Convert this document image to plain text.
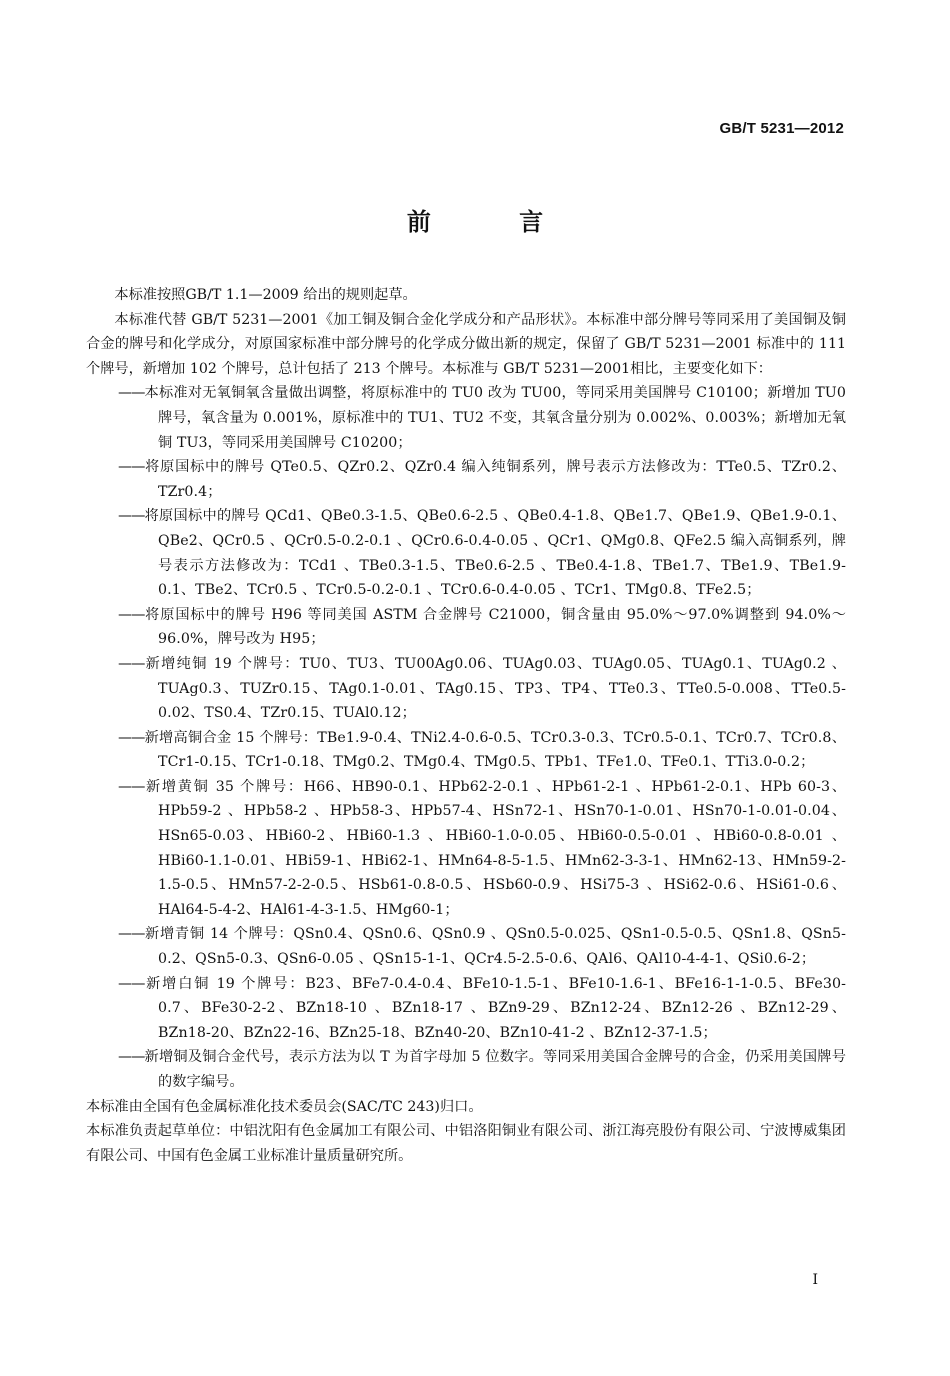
GB/T 5231—2012
前 言

本标准按照GB/T 1.1—2009 给出的规则起草。

本标准代替 GB/T 5231—2001《加工铜及铜合金化学成分和产品形状》。本标准中部分牌号等同采用了美国铜及铜合金的牌号和化学成分，对原国家标准中部分牌号的化学成分做出新的规定，保留了 GB/T 5231—2001 标准中的 111 个牌号，新增加 102 个牌号，总计包括了 213 个牌号。本标准与 GB/T 5231—2001相比，主要变化如下：

——本标准对无氧铜氧含量做出调整，将原标准中的 TU0 改为 TU00，等同采用美国牌号 C10100；新增加 TU0 牌号，氧含量为 0.001%，原标准中的 TU1、TU2 不变，其氧含量分别为 0.002%、0.003%；新增加无氧铜 TU3，等同采用美国牌号 C10200；

——将原国标中的牌号 QTe0.5、QZr0.2、QZr0.4 编入纯铜系列，牌号表示方法修改为：TTe0.5、TZr0.2、TZr0.4；

——将原国标中的牌号 QCd1、QBe0.3-1.5、QBe0.6-2.5 、QBe0.4-1.8、QBe1.7、QBe1.9、QBe1.9-0.1、QBe2、QCr0.5 、QCr0.5-0.2-0.1 、QCr0.6-0.4-0.05 、QCr1、QMg0.8、QFe2.5 编入高铜系列，牌号表示方法修改为：TCd1 、TBe0.3-1.5、TBe0.6-2.5 、TBe0.4-1.8、TBe1.7、TBe1.9、TBe1.9-0.1、TBe2、TCr0.5 、TCr0.5-0.2-0.1 、TCr0.6-0.4-0.05 、TCr1、TMg0.8、TFe2.5；

——将原国标中的牌号 H96 等同美国 ASTM 合金牌号 C21000，铜含量由 95.0%～97.0%调整到 94.0%～96.0%，牌号改为 H95；

——新增纯铜 19 个牌号：TU0、TU3、TU00Ag0.06、TUAg0.03、TUAg0.05、TUAg0.1、TUAg0.2 、TUAg0.3、TUZr0.15、TAg0.1-0.01、TAg0.15、TP3、TP4、TTe0.3、TTe0.5-0.008、TTe0.5-0.02、TS0.4、TZr0.15、TUAl0.12；

——新增高铜合金 15 个牌号：TBe1.9-0.4、TNi2.4-0.6-0.5、TCr0.3-0.3、TCr0.5-0.1、TCr0.7、TCr0.8、TCr1-0.15、TCr1-0.18、TMg0.2、TMg0.4、TMg0.5、TPb1、TFe1.0、TFe0.1、TTi3.0-0.2；

——新增黄铜 35 个牌号：H66、HB90-0.1、HPb62-2-0.1 、HPb61-2-1 、HPb61-2-0.1、HPb 60-3、HPb59-2 、HPb58-2 、HPb58-3、HPb57-4、HSn72-1、HSn70-1-0.01、HSn70-1-0.01-0.04、HSn65-0.03、HBi60-2、HBi60-1.3 、HBi60-1.0-0.05、HBi60-0.5-0.01 、HBi60-0.8-0.01 、HBi60-1.1-0.01、HBi59-1、HBi62-1、HMn64-8-5-1.5、HMn62-3-3-1、HMn62-13、HMn59-2-1.5-0.5、HMn57-2-2-0.5、HSb61-0.8-0.5、HSb60-0.9、HSi75-3 、HSi62-0.6、HSi61-0.6、HAl64-5-4-2、HAl61-4-3-1.5、HMg60-1；

——新增青铜 14 个牌号：QSn0.4、QSn0.6、QSn0.9 、QSn0.5-0.025、QSn1-0.5-0.5、QSn1.8、QSn5-0.2、QSn5-0.3、QSn6-0.05 、QSn15-1-1、QCr4.5-2.5-0.6、QAl6、QAl10-4-4-1、QSi0.6-2；

——新增白铜 19 个牌号：B23、BFe7-0.4-0.4、BFe10-1.5-1、BFe10-1.6-1、BFe16-1-1-0.5、BFe30-0.7、BFe30-2-2、BZn18-10 、BZn18-17 、BZn9-29、BZn12-24、BZn12-26 、BZn12-29、BZn18-20、BZn22-16、BZn25-18、BZn40-20、BZn10-41-2 、BZn12-37-1.5；

——新增铜及铜合金代号，表示方法为以 T 为首字母加 5 位数字。等同采用美国合金牌号的合金，仍采用美国牌号的数字编号。

本标准由全国有色金属标准化技术委员会(SAC/TC 243)归口。

本标准负责起草单位：中铝沈阳有色金属加工有限公司、中铝洛阳铜业有限公司、浙江海亮股份有限公司、宁波博威集团有限公司、中国有色金属工业标准计量质量研究所。

I
